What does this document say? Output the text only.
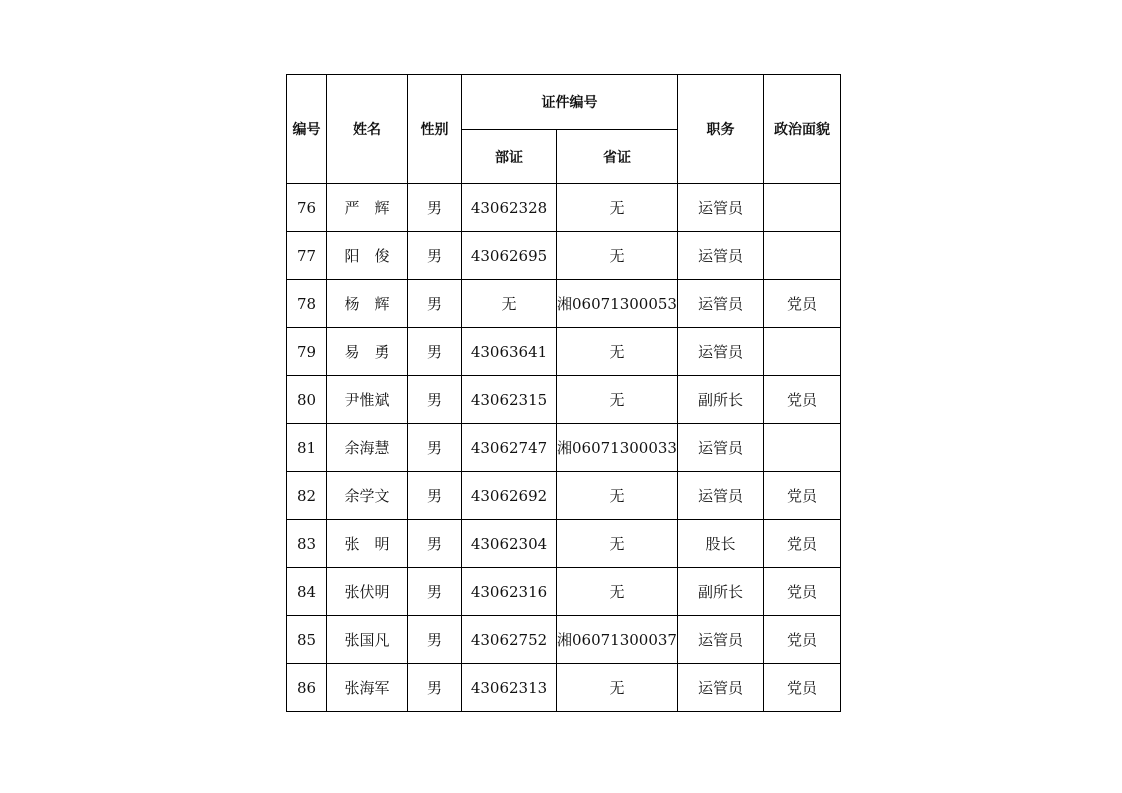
编号	姓名	性别	证件编号		职务	政治面貌
			部证	省证		
76	严　辉	男	43062328	无	运管员	
77	阳　俊	男	43062695	无	运管员	
78	杨　辉	男	无	湘06071300053	运管员	党员
79	易　勇	男	43063641	无	运管员	
80	尹惟斌	男	43062315	无	副所长	党员
81	余海慧	男	43062747	湘06071300033	运管员	
82	余学文	男	43062692	无	运管员	党员
83	张　明	男	43062304	无	股长	党员
84	张伏明	男	43062316	无	副所长	党员
85	张国凡	男	43062752	湘06071300037	运管员	党员
86	张海军	男	43062313	无	运管员	党员
